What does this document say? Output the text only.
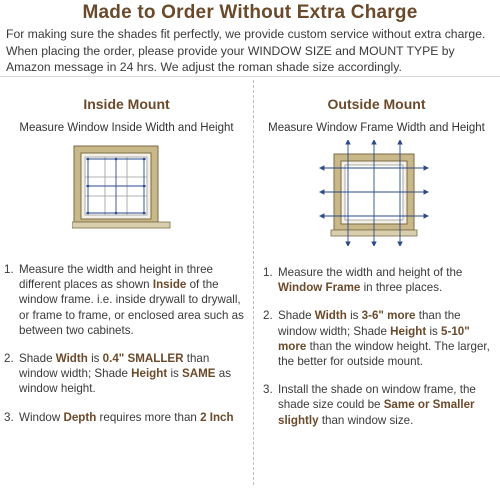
Made to Order Without Extra Charge
For making sure the shades fit perfectly, we provide custom service without extra charge. When placing the order, please provide your WINDOW SIZE and MOUNT TYPE by Amazon message in 24 hrs. We adjust the roman shade size accordingly.
Inside Mount
Measure Window Inside Width and Height
1. Measure the width and height in three different places as shown Inside of the window frame. i.e. inside drywall to drywall, or frame to frame, or enclosed area such as between two cabinets.
2. Shade Width is 0.4" SMALLER than window width; Shade Height is SAME as window height.
3. Window Depth requires more than 2 Inch
Outside Mount
Measure Window Frame Width and Height
1. Measure the width and height of the Window Frame in three places.
2. Shade Width is 3-6" more than the window width; Shade Height is 5-10" more than the window height. The larger, the better for outside mount.
3. Install the shade on window frame, the shade size could be Same or Smaller slightly than window size.
